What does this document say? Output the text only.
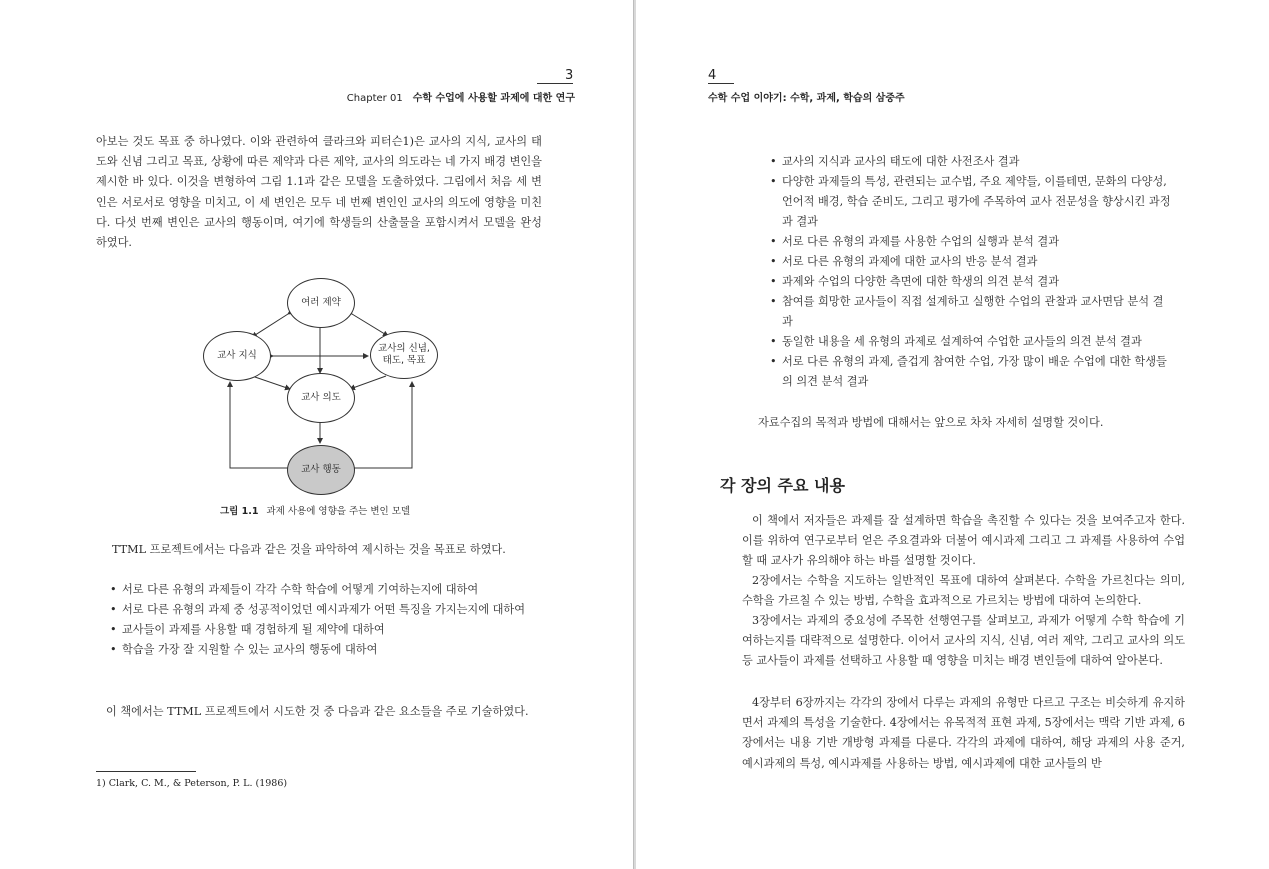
3
Chapter 01 수학 수업에 사용할 과제에 대한 연구
아보는 것도 목표 중 하나였다. 이와 관련하여 클라크와 피터슨1)은 교사의 지식, 교사의 태도와 신념 그리고 목표, 상황에 따른 제약과 다른 제약, 교사의 의도라는 네 가지 배경 변인을 제시한 바 있다. 이것을 변형하여 그림 1.1과 같은 모델을 도출하였다. 그림에서 처음 세 변인은 서로서로 영향을 미치고, 이 세 변인은 모두 네 번째 변인인 교사의 의도에 영향을 미친다. 다섯 번째 변인은 교사의 행동이며, 여기에 학생들의 산출물을 포함시켜서 모델을 완성하였다.
여러 제약
교사 지식
교사의 신념, 태도, 목표
교사 의도
교사 행동
그림 1.1 과제 사용에 영향을 주는 변인 모델
TTML 프로젝트에서는 다음과 같은 것을 파악하여 제시하는 것을 목표로 하였다.
• 서로 다른 유형의 과제들이 각각 수학 학습에 어떻게 기여하는지에 대하여
• 서로 다른 유형의 과제 중 성공적이었던 예시과제가 어떤 특징을 가지는지에 대하여
• 교사들이 과제를 사용할 때 경험하게 될 제약에 대하여
• 학습을 가장 잘 지원할 수 있는 교사의 행동에 대하여
이 책에서는 TTML 프로젝트에서 시도한 것 중 다음과 같은 요소들을 주로 기술하였다.
1) Clark, C. M., & Peterson, P. L. (1986)
4
수학 수업 이야기: 수학, 과제, 학습의 삼중주
• 교사의 지식과 교사의 태도에 대한 사전조사 결과
• 다양한 과제들의 특성, 관련되는 교수법, 주요 제약들, 이를테면, 문화의 다양성, 언어적 배경, 학습 준비도, 그리고 평가에 주목하여 교사 전문성을 향상시킨 과정과 결과
• 서로 다른 유형의 과제를 사용한 수업의 실행과 분석 결과
• 서로 다른 유형의 과제에 대한 교사의 반응 분석 결과
• 과제와 수업의 다양한 측면에 대한 학생의 의견 분석 결과
• 참여를 희망한 교사들이 직접 설계하고 실행한 수업의 관찰과 교사면담 분석 결과
• 동일한 내용을 세 유형의 과제로 설계하여 수업한 교사들의 의견 분석 결과
• 서로 다른 유형의 과제, 즐겁게 참여한 수업, 가장 많이 배운 수업에 대한 학생들의 의견 분석 결과
자료수집의 목적과 방법에 대해서는 앞으로 차차 자세히 설명할 것이다.
각 장의 주요 내용
이 책에서 저자들은 과제를 잘 설계하면 학습을 촉진할 수 있다는 것을 보여주고자 한다. 이를 위하여 연구로부터 얻은 주요결과와 더불어 예시과제 그리고 그 과제를 사용하여 수업할 때 교사가 유의해야 하는 바를 설명할 것이다.
2장에서는 수학을 지도하는 일반적인 목표에 대하여 살펴본다. 수학을 가르친다는 의미, 수학을 가르칠 수 있는 방법, 수학을 효과적으로 가르치는 방법에 대하여 논의한다.
3장에서는 과제의 중요성에 주목한 선행연구를 살펴보고, 과제가 어떻게 수학 학습에 기여하는지를 대략적으로 설명한다. 이어서 교사의 지식, 신념, 여러 제약, 그리고 교사의 의도 등 교사들이 과제를 선택하고 사용할 때 영향을 미치는 배경 변인들에 대하여 알아본다.
4장부터 6장까지는 각각의 장에서 다루는 과제의 유형만 다르고 구조는 비슷하게 유지하면서 과제의 특성을 기술한다. 4장에서는 유목적적 표현 과제, 5장에서는 맥락 기반 과제, 6장에서는 내용 기반 개방형 과제를 다룬다. 각각의 과제에 대하여, 해당 과제의 사용 준거, 예시과제의 특성, 예시과제를 사용하는 방법, 예시과제에 대한 교사들의 반
